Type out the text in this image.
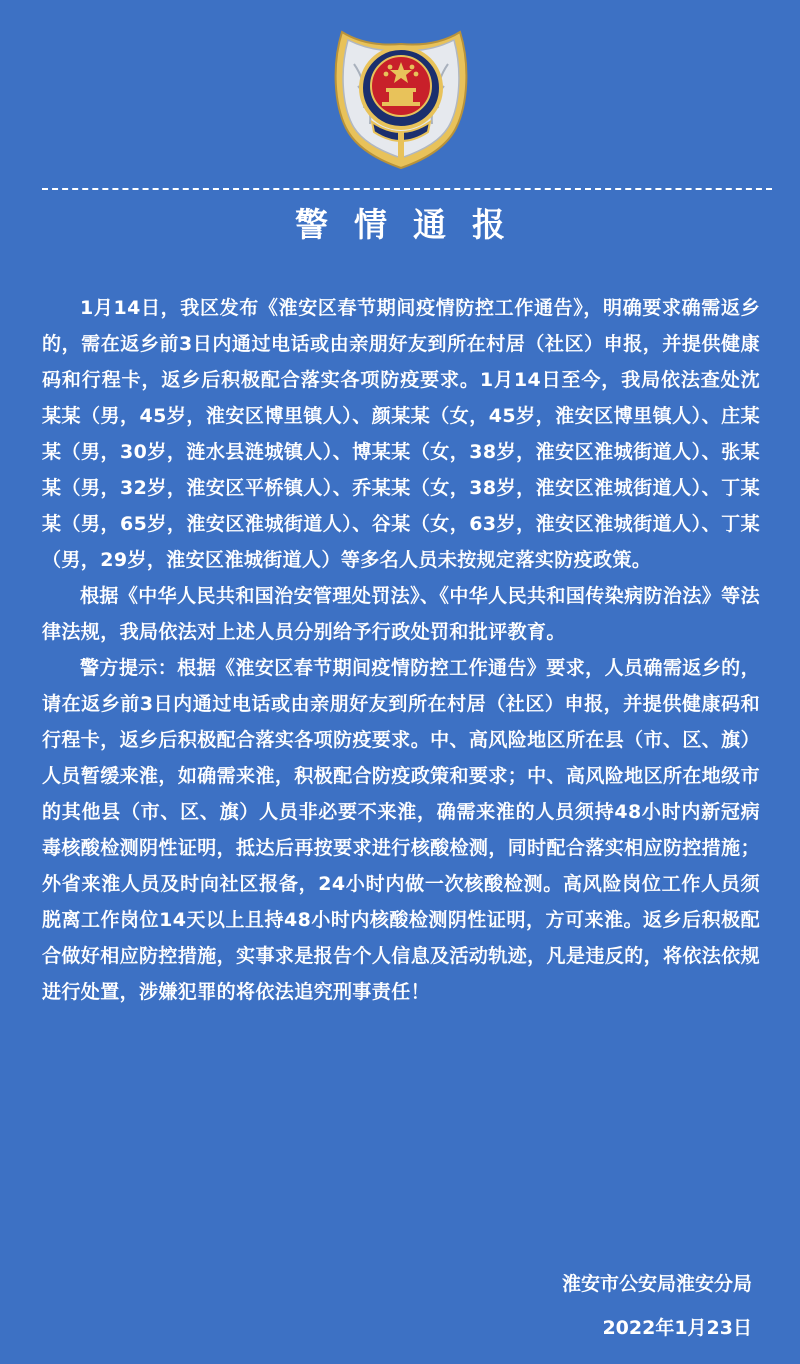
警情通报

1月14日，我区发布《淮安区春节期间疫情防控工作通告》，明确要求确需返乡的，需在返乡前3日内通过电话或由亲朋好友到所在村居（社区）申报，并提供健康码和行程卡，返乡后积极配合落实各项防疫要求。1月14日至今，我局依法查处沈某某（男，45岁，淮安区博里镇人）、颜某某（女，45岁，淮安区博里镇人）、庄某某（男，30岁，涟水县涟城镇人）、博某某（女，38岁，淮安区淮城街道人）、张某某（男，32岁，淮安区平桥镇人）、乔某某（女，38岁，淮安区淮城街道人）、丁某某（男，65岁，淮安区淮城街道人）、谷某（女，63岁，淮安区淮城街道人）、丁某（男，29岁，淮安区淮城街道人）等多名人员未按规定落实防疫政策。

根据《中华人民共和国治安管理处罚法》、《中华人民共和国传染病防治法》等法律法规，我局依法对上述人员分别给予行政处罚和批评教育。

警方提示：根据《淮安区春节期间疫情防控工作通告》要求，人员确需返乡的，请在返乡前3日内通过电话或由亲朋好友到所在村居（社区）申报，并提供健康码和行程卡，返乡后积极配合落实各项防疫要求。中、高风险地区所在县（市、区、旗）人员暂缓来淮，如确需来淮，积极配合防疫政策和要求；中、高风险地区所在地级市的其他县（市、区、旗）人员非必要不来淮，确需来淮的人员须持48小时内新冠病毒核酸检测阴性证明，抵达后再按要求进行核酸检测，同时配合落实相应防控措施；外省来淮人员及时向社区报备，24小时内做一次核酸检测。高风险岗位工作人员须脱离工作岗位14天以上且持48小时内核酸检测阴性证明，方可来淮。返乡后积极配合做好相应防控措施，实事求是报告个人信息及活动轨迹，凡是违反的，将依法依规进行处置，涉嫌犯罪的将依法追究刑事责任！

淮安市公安局淮安分局
2022年1月23日
